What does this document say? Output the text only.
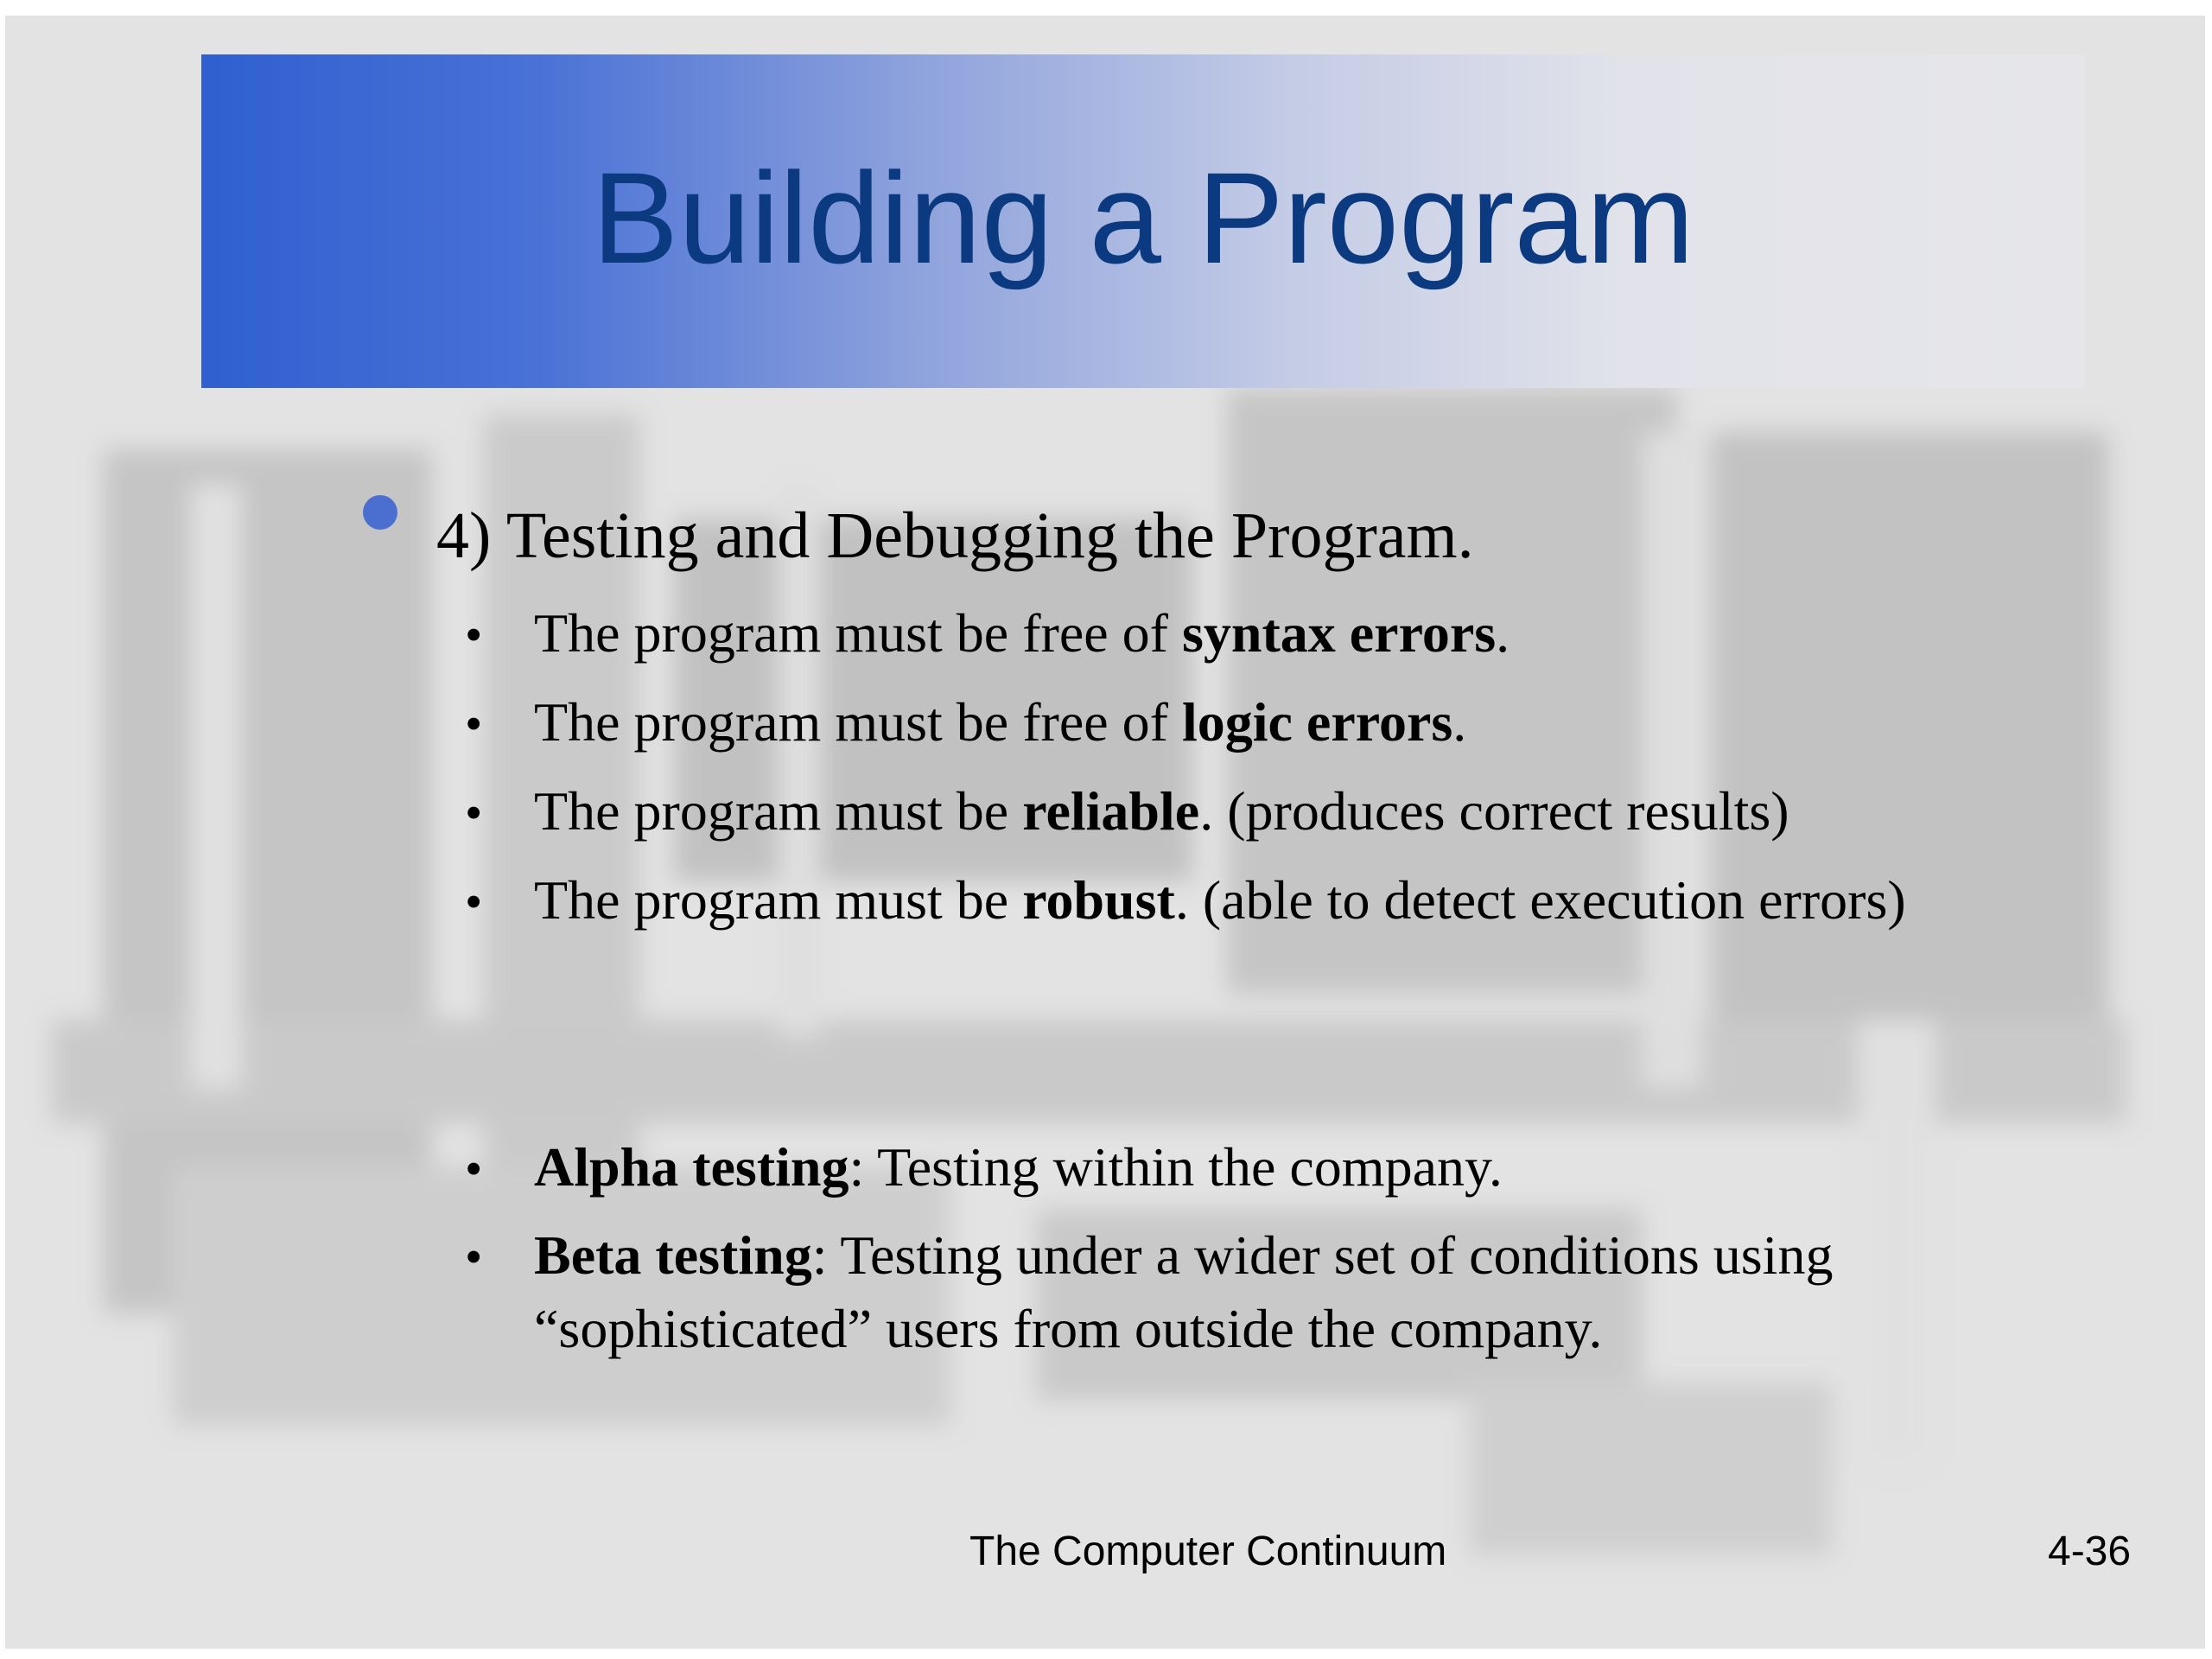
Building a Program
4) Testing and Debugging the Program.
• The program must be free of syntax errors.
• The program must be free of logic errors.
• The program must be reliable. (produces correct results)
• The program must be robust. (able to detect execution errors)
• Alpha testing: Testing within the company.
• Beta testing: Testing under a wider set of conditions using
“sophisticated” users from outside the company.
The Computer Continuum	4-36
